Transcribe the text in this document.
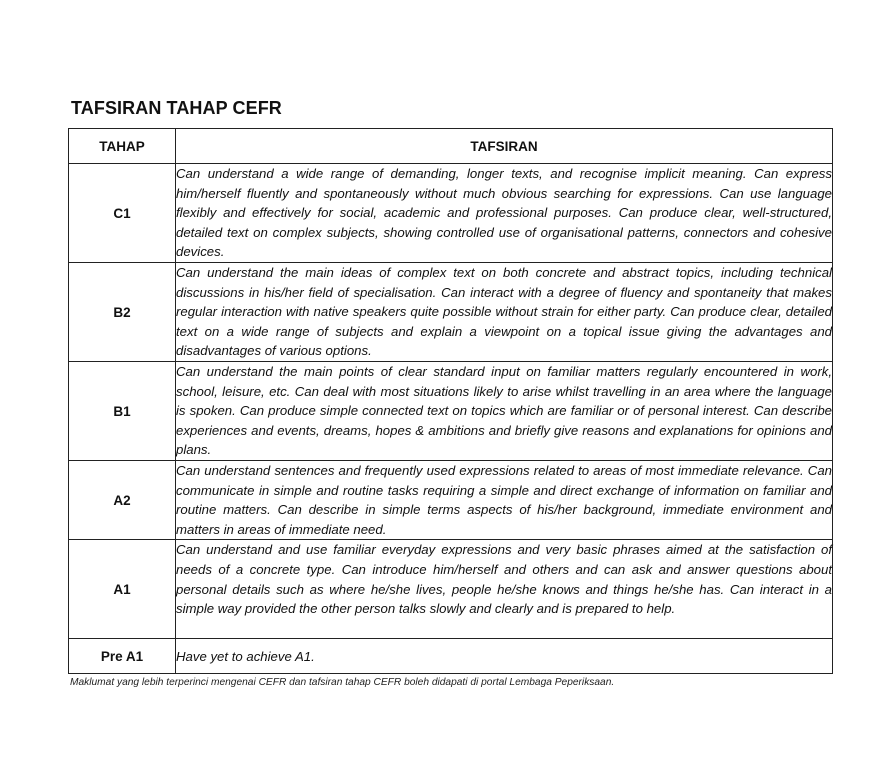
TAFSIRAN TAHAP CEFR
TAHAP	TAFSIRAN
C1	Can understand a wide range of demanding, longer texts, and recognise implicit meaning. Can express him/herself fluently and spontaneously without much obvious searching for expressions. Can use language flexibly and effectively for social, academic and professional purposes. Can produce clear, well-structured, detailed text on complex subjects, showing controlled use of organisational patterns, connectors and cohesive devices.
B2	Can understand the main ideas of complex text on both concrete and abstract topics, including technical discussions in his/her field of specialisation. Can interact with a degree of fluency and spontaneity that makes regular interaction with native speakers quite possible without strain for either party. Can produce clear, detailed text on a wide range of subjects and explain a viewpoint on a topical issue giving the advantages and disadvantages of various options.
B1	Can understand the main points of clear standard input on familiar matters regularly encountered in work, school, leisure, etc. Can deal with most situations likely to arise whilst travelling in an area where the language is spoken. Can produce simple connected text on topics which are familiar or of personal interest. Can describe experiences and events, dreams, hopes & ambitions and briefly give reasons and explanations for opinions and plans.
A2	Can understand sentences and frequently used expressions related to areas of most immediate relevance. Can communicate in simple and routine tasks requiring a simple and direct exchange of information on familiar and routine matters. Can describe in simple terms aspects of his/her background, immediate environment and matters in areas of immediate need.
A1	Can understand and use familiar everyday expressions and very basic phrases aimed at the satisfaction of needs of a concrete type. Can introduce him/herself and others and can ask and answer questions about personal details such as where he/she lives, people he/she knows and things he/she has. Can interact in a simple way provided the other person talks slowly and clearly and is prepared to help.
Pre A1	Have yet to achieve A1.
Maklumat yang lebih terperinci mengenai CEFR dan tafsiran tahap CEFR boleh didapati di portal Lembaga Peperiksaan.
